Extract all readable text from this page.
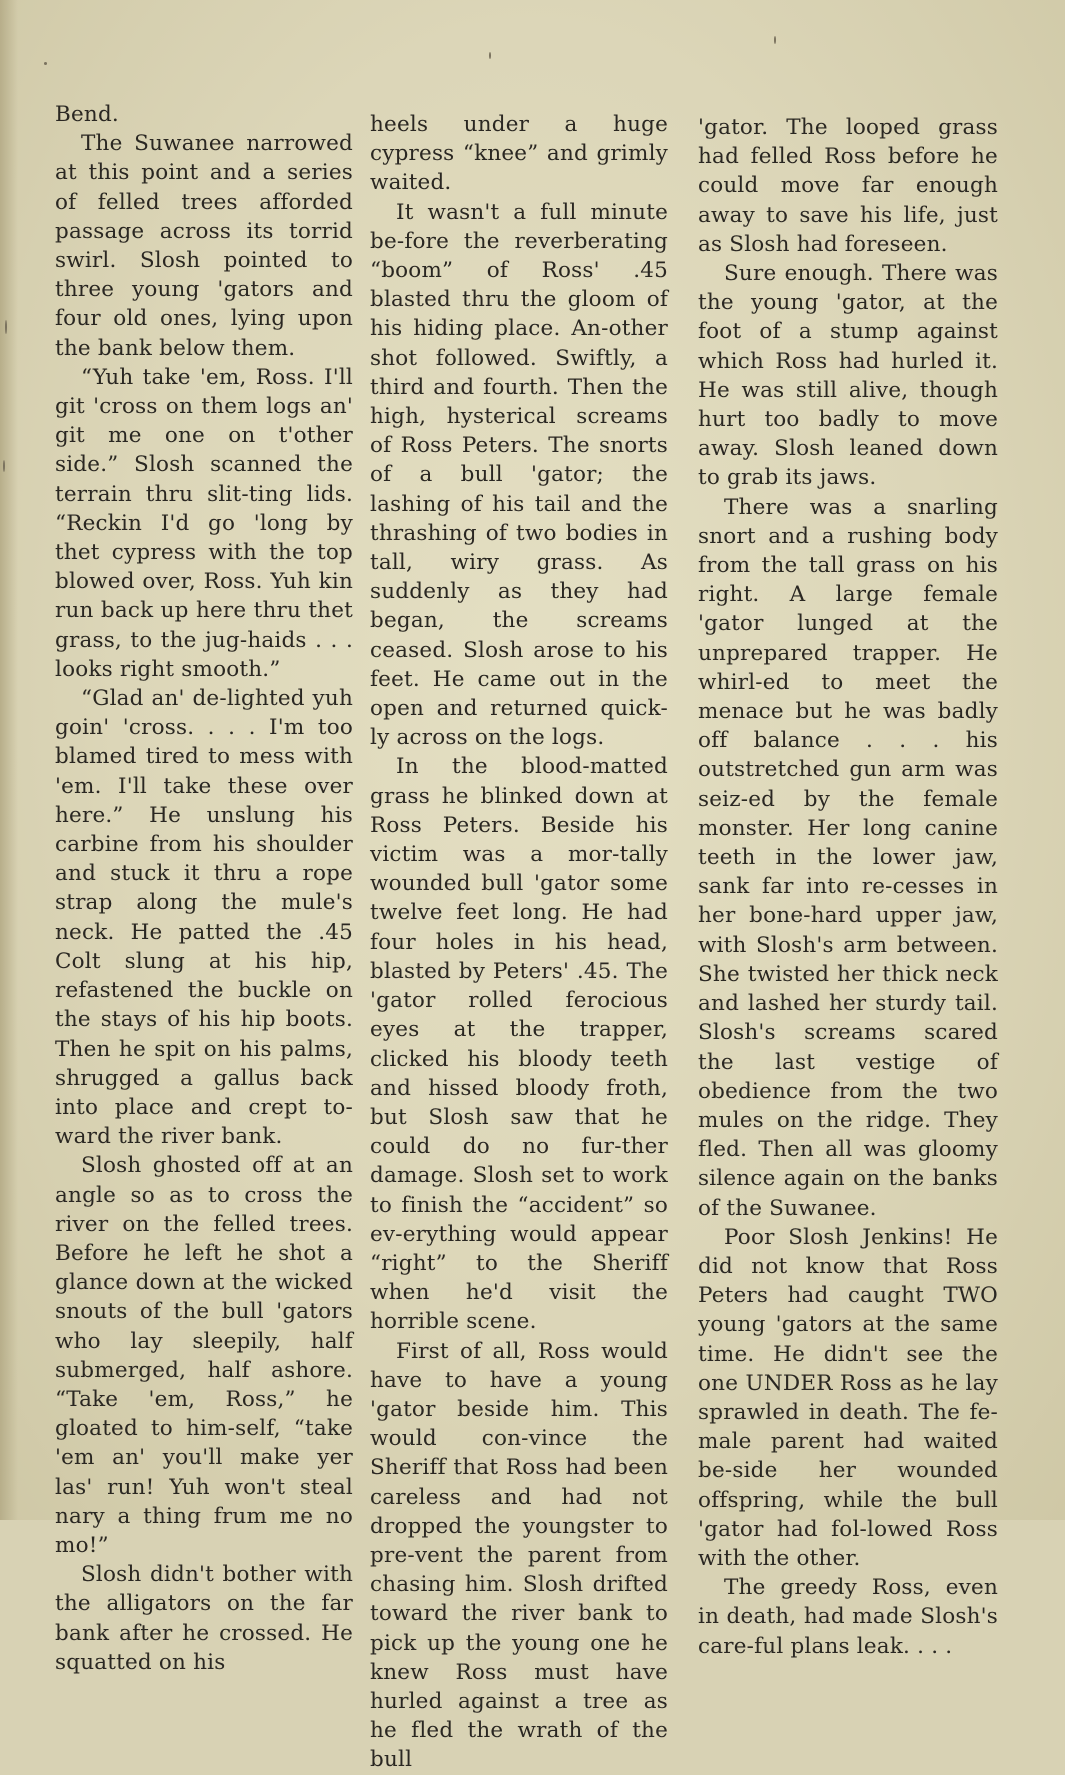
Bend.

The Suwanee narrowed at this point and a series of felled trees afforded passage across its torrid swirl. Slosh pointed to three young 'gators and four old ones, lying upon the bank below them.

“Yuh take 'em, Ross. I'll git 'cross on them logs an' git me one on t'other side.” Slosh scanned the terrain thru slit-ting lids. “Reckin I'd go 'long by thet cypress with the top blowed over, Ross. Yuh kin run back up here thru thet grass, to the jug-haids . . . looks right smooth.”

“Glad an' de-lighted yuh goin' 'cross. . . . I'm too blamed tired to mess with 'em. I'll take these over here.” He unslung his carbine from his shoulder and stuck it thru a rope strap along the mule's neck. He patted the .45 Colt slung at his hip, refastened the buckle on the stays of his hip boots. Then he spit on his palms, shrugged a gallus back into place and crept to-ward the river bank.

Slosh ghosted off at an angle so as to cross the river on the felled trees. Before he left he shot a glance down at the wicked snouts of the bull 'gators who lay sleepily, half submerged, half ashore. “Take 'em, Ross,” he gloated to him-self, “take 'em an' you'll make yer las' run! Yuh won't steal nary a thing frum me no mo!”

Slosh didn't bother with the alligators on the far bank after he crossed. He squatted on his

heels under a huge cypress “knee” and grimly waited.

It wasn't a full minute be-fore the reverberating “boom” of Ross' .45 blasted thru the gloom of his hiding place. An-other shot followed. Swiftly, a third and fourth. Then the high, hysterical screams of Ross Peters. The snorts of a bull 'gator; the lashing of his tail and the thrashing of two bodies in tall, wiry grass. As suddenly as they had began, the screams ceased. Slosh arose to his feet. He came out in the open and returned quick-ly across on the logs.

In the blood-matted grass he blinked down at Ross Peters. Beside his victim was a mor-tally wounded bull 'gator some twelve feet long. He had four holes in his head, blasted by Peters' .45. The 'gator rolled ferocious eyes at the trapper, clicked his bloody teeth and hissed bloody froth, but Slosh saw that he could do no fur-ther damage. Slosh set to work to finish the “accident” so ev-erything would appear “right” to the Sheriff when he'd visit the horrible scene.

First of all, Ross would have to have a young 'gator beside him. This would con-vince the Sheriff that Ross had been careless and had not dropped the youngster to pre-vent the parent from chasing him. Slosh drifted toward the river bank to pick up the young one he knew Ross must have hurled against a tree as he fled the wrath of the bull

'gator. The looped grass had felled Ross before he could move far enough away to save his life, just as Slosh had foreseen.

Sure enough. There was the young 'gator, at the foot of a stump against which Ross had hurled it. He was still alive, though hurt too badly to move away. Slosh leaned down to grab its jaws.

There was a snarling snort and a rushing body from the tall grass on his right. A large female 'gator lunged at the unprepared trapper. He whirl-ed to meet the menace but he was badly off balance . . . his outstretched gun arm was seiz-ed by the female monster. Her long canine teeth in the lower jaw, sank far into re-cesses in her bone-hard upper jaw, with Slosh's arm between. She twisted her thick neck and lashed her sturdy tail. Slosh's screams scared the last vestige of obedience from the two mules on the ridge. They fled. Then all was gloomy silence again on the banks of the Suwanee.

Poor Slosh Jenkins! He did not know that Ross Peters had caught TWO young 'gators at the same time. He didn't see the one UNDER Ross as he lay sprawled in death. The fe-male parent had waited be-side her wounded offspring, while the bull 'gator had fol-lowed Ross with the other.

The greedy Ross, even in death, had made Slosh's care-ful plans leak. . . .
